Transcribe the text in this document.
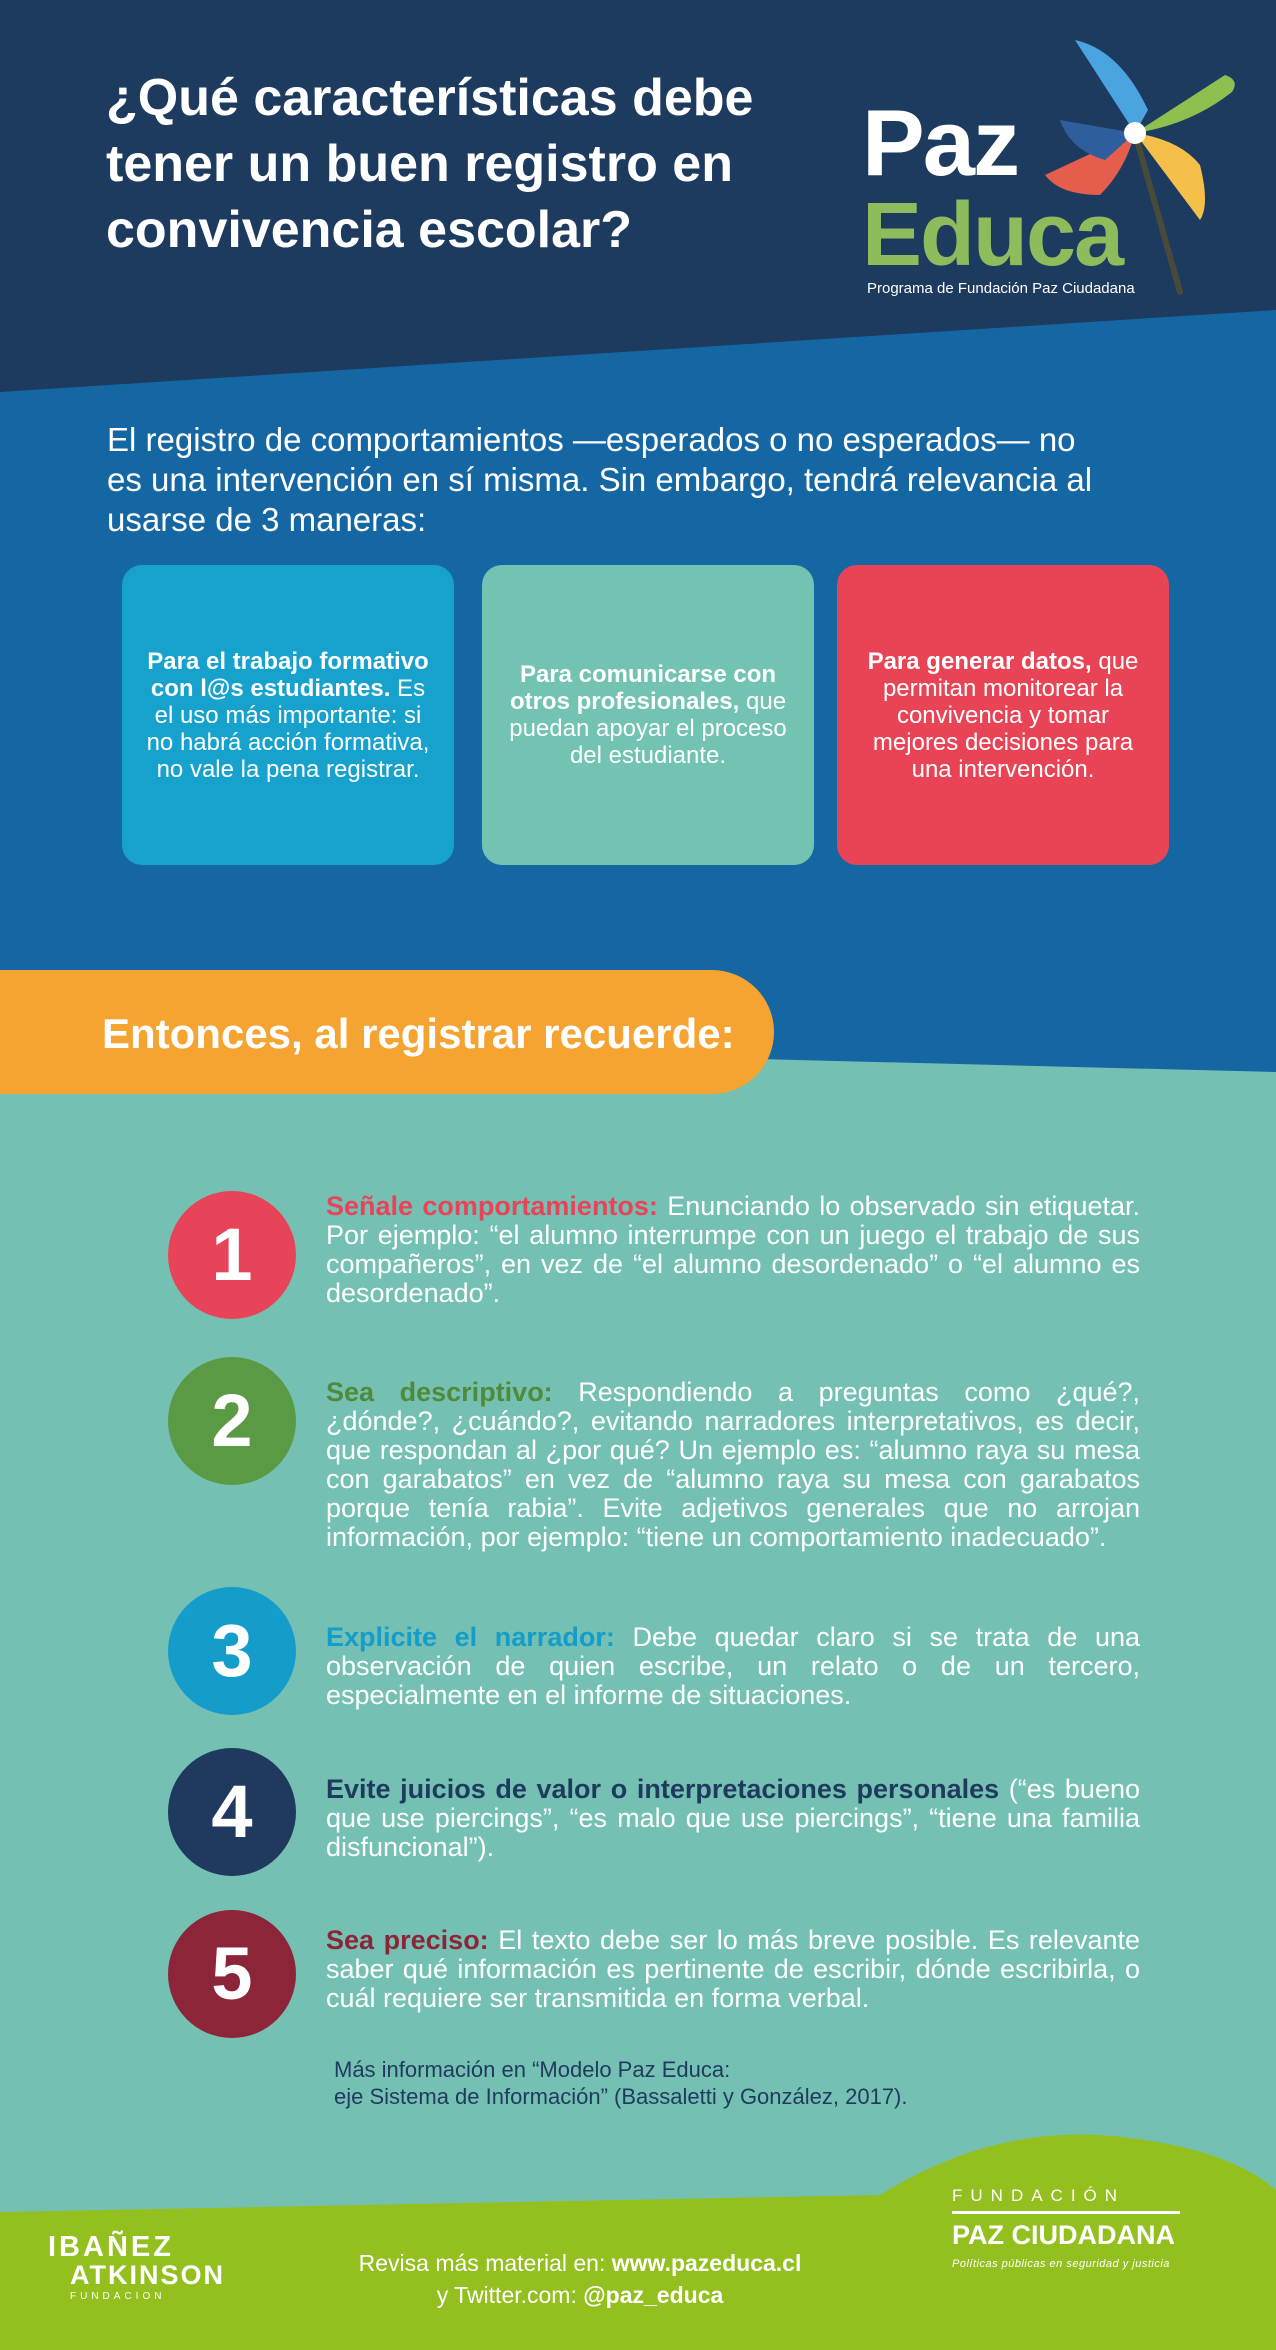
¿Qué características debe tener un buen registro en convivencia escolar?
Paz
Educa
Programa de Fundación Paz Ciudadana
El registro de comportamientos —esperados o no esperados— no es una intervención en sí misma. Sin embargo, tendrá relevancia al usarse de 3 maneras:
Para el trabajo formativo con l@s estudiantes. Es el uso más importante: si no habrá acción formativa, no vale la pena registrar.
Para comunicarse con otros profesionales, que puedan apoyar el proceso del estudiante.
Para generar datos, que permitan monitorear la convivencia y tomar mejores decisiones para una intervención.
Entonces, al registrar recuerde:
1
Señale comportamientos: Enunciando lo observado sin etiquetar. Por ejemplo: “el alumno interrumpe con un juego el trabajo de sus compañeros”, en vez de “el alumno desordenado” o “el alumno es desordenado”.
2	Sea descriptivo: Respondiendo a preguntas como ¿qué?, ¿dónde?, ¿cuándo?, evitando narradores interpretativos, es decir, que respondan al ¿por qué? Un ejemplo es: “alumno raya su mesa con garabatos” en vez de “alumno raya su mesa con garabatos porque tenía rabia”. Evite adjetivos generales que no arrojan información, por ejemplo: “tiene un comportamiento inadecuado”.
3	Explicite el narrador: Debe quedar claro si se trata de una observación de quien escribe, un relato o de un tercero, especialmente en el informe de situaciones.
4	Evite juicios de valor o interpretaciones personales (“es bueno que use piercings”, “es malo que use piercings”, “tiene una familia disfuncional”).
5	Sea preciso: El texto debe ser lo más breve posible. Es relevante saber qué información es pertinente de escribir, dónde escribirla, o cuál requiere ser transmitida en forma verbal.
Más información en “Modelo Paz Educa:
eje Sistema de Información” (Bassaletti y González, 2017).
IBAÑEZ
ATKINSON
FUNDACION
Revisa más material en: www.pazeduca.cl
y Twitter.com: @paz_educa
FUNDACIÓN
PAZ CIUDADANA
Políticas públicas en seguridad y justicia
